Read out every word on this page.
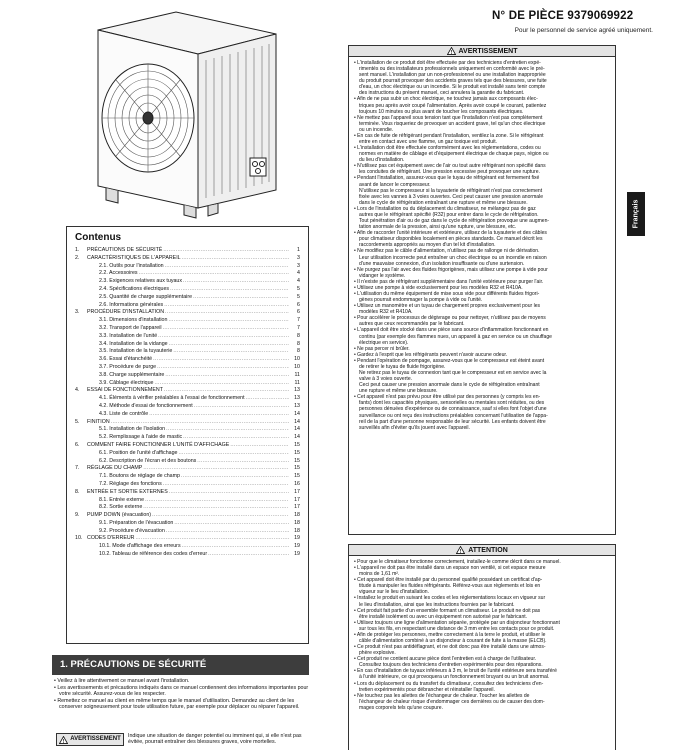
N° DE PIÈCE 9379069922
Pour le personnel de service agréé uniquement.
Français
Contenus
1.	PRÉCAUTIONS DE SÉCURITÉ .....	1
2.	CARACTÉRISTIQUES DE L'APPAREIL .....	3
2.1. Outils pour l'installation .....	3
2.2. Accessoires .....	4
2.3. Exigences relatives aux tuyaux .....	4
2.4. Spécifications électriques .....	5
2.5. Quantité de charge supplémentaire .....	5
2.6. Informations générales .....	6
3.	PROCÉDURE D'INSTALLATION .....	6
3.1. Dimensions d'installation .....	7
3.2. Transport de l'appareil .....	7
3.3. Installation de l'unité .....	8
3.4. Installation de la vidange .....	8
3.5. Installation de la tuyauterie .....	8
3.6. Essai d'étanchéité .....	10
3.7. Procédure de purge .....	10
3.8. Charge supplémentaire .....	11
3.9. Câblage électrique .....	11
4.	ESSAI DE FONCTIONNEMENT .....	13
4.1. Éléments à vérifier préalables à l'essai de fonctionnement .....	13
4.2. Méthode d'essai de fonctionnement .....	13
4.3. Liste de contrôle .....	14
5.	FINITION .....	14
5.1. Installation de l'isolation .....	14
5.2. Remplissage à l'aide de mastic .....	14
6.	COMMENT FAIRE FONCTIONNER L'UNITÉ D'AFFICHAGE .....	15
6.1. Position de l'unité d'affichage .....	15
6.2. Description de l'écran et des boutons .....	15
7.	RÉGLAGE DU CHAMP .....	15
7.1. Boutons de réglage de champ .....	15
7.2. Réglage des fonctions .....	16
8.	ENTRÉE ET SORTIE EXTERNES .....	17
8.1. Entrée externe .....	17
8.2. Sortie externe .....	17
9.	PUMP DOWN (évacuation) .....	18
9.1. Préparation de l'évacuation .....	18
9.2. Procédure d'évacuation .....	18
10. CODES D'ERREUR .....	19
10.1. Mode d'affichage des erreurs .....	19
10.2. Tableau de référence des codes d'erreur .....	19
1. PRÉCAUTIONS DE SÉCURITÉ
• Veillez à lire attentivement ce manuel avant l'installation.
• Les avertissements et précautions indiqués dans ce manuel contiennent des informations importantes pour votre sécurité. Assurez-vous de les respecter.
• Remettez ce manuel au client en même temps que le manuel d'utilisation. Demandez au client de les conserver soigneusement pour toute utilisation future, par exemple pour déplacer ou réparer l'appareil.
! AVERTISSEMENT
Indique une situation de danger potentiel ou imminent qui, si elle n'est pas évitée, pourrait entraîner des blessures graves, voire mortelles.
! AVERTISSEMENT
• L'installation de ce produit doit être effectuée par des techniciens d'entretien expé-
rimentés ou des installateurs professionnels uniquement en conformité avec le pré-
sent manuel. L'installation par un non-professionnel ou une installation inappropriée
du produit pourrait provoquer des accidents graves tels que des blessures, une fuite
d'eau, un choc électrique ou un incendie. Si le produit est installé sans tenir compte
des instructions du présent manuel, ceci annulera la garantie du fabricant.
• Afin de ne pas subir un choc électrique, ne touchez jamais aux composants élec-
triques peu après avoir coupé l'alimentation. Après avoir coupé le courant, patientez
toujours 10 minutes ou plus avant de toucher les composants électriques.
• Ne mettez pas l'appareil sous tension tant que l'installation n'est pas complètement
terminée. Vous risqueriez de provoquer un accident grave, tel qu'un choc électrique
ou un incendie.
• En cas de fuite de réfrigérant pendant l'installation, ventilez la zone. Si le réfrigérant
entre en contact avec une flamme, un gaz toxique est produit.
• L'installation doit être effectuée conformément avec les réglementations, codes ou
normes en matière de câblage et d'équipement électrique de chaque pays, région ou
du lieu d'installation.
• N'utilisez pas cet équipement avec de l'air ou tout autre réfrigérant non spécifié dans
les conduites de réfrigérant. Une pression excessive peut provoquer une rupture.
• Pendant l'installation, assurez-vous que le tuyau de réfrigérant est fermement fixé
avant de lancer le compresseur.
N'utilisez pas le compresseur si la tuyauterie de réfrigérant n'est pas correctement
fixée avec les vannes à 3 voies ouvertes. Ceci peut causer une pression anormale
dans le cycle de réfrigération entraînant une rupture et même une blessure.
• Lors de l'installation ou du déplacement du climatiseur, ne mélangez pas de gaz
autres que le réfrigérant spécifié (R32) pour entrer dans le cycle de réfrigération.
Tout pénétration d'air ou de gaz dans le cycle de réfrigération provoque une augmen-
tation anormale de la pression, ainsi qu'une rupture, une blessure, etc.
• Afin de raccorder l'unité intérieure et extérieure, utilisez de la tuyauterie et des câbles
pour climatiseur disponibles localement en pièces standards. Ce manuel décrit les
raccordements appropriés au moyen d'un tel kit d'installation.
• Ne modifiez pas le câble d'alimentation, n'utilisez pas de rallonge ni de dérivation.
Leur utilisation incorrecte peut entraîner un choc électrique ou un incendie en raison
d'une mauvaise connexion, d'un isolation insuffisante ou d'une surtension.
• Ne purgez pas l'air avec des fluides frigorigènes, mais utilisez une pompe à vide pour
vidanger le système.
• Il n'existe pas de réfrigérant supplémentaire dans l'unité extérieure pour purger l'air.
• Utilisez une pompe à vide exclusivement pour les modèles R32 et R410A.
• L'utilisation du même équipement de mise sous vide pour différents fluides frigori-
gènes pourrait endommager la pompe à vide ou l'unité.
• Utilisez un manomètre et un tuyau de chargement propres exclusivement pour les
modèles R32 et R410A.
• Pour accélérer le processus de dégivrage ou pour nettoyer, n'utilisez pas de moyens
autres que ceux recommandés par le fabricant.
• L'appareil doit être stocké dans une pièce sans source d'inflammation fonctionnant en
continu (par exemple des flammes nues, un appareil à gaz en service ou un chauffage
électrique en service).
• Ne pas percer ni brûler.
• Gardez à l'esprit que les réfrigérants peuvent n'avoir aucune odeur.
• Pendant l'opération de pompage, assurez-vous que le compresseur est éteint avant
de retirer le tuyau de fluide frigorigène.
Ne retirez pas le tuyau de connexion tant que le compresseur est en service avec la
valve à 3 voies ouverte.
Ceci peut causer une pression anormale dans le cycle de réfrigération entraînant
une rupture et même une blessure.
• Cet appareil n'est pas prévu pour être utilisé par des personnes (y compris les en-
fants) dont les capacités physiques, sensorielles ou mentales sont réduites, ou des
personnes dénuées d'expérience ou de connaissance, sauf si elles font l'objet d'une
surveillance ou ont reçu des instructions préalables concernant l'utilisation de l'appa-
reil de la part d'une personne responsable de leur sécurité. Les enfants doivent être
surveillés afin d'éviter qu'ils jouent avec l'appareil.
! ATTENTION
• Pour que le climatiseur fonctionne correctement, installez-le comme décrit dans ce manuel.
• L'appareil ne doit pas être installé dans un espace non ventilé, si cet espace mesure
moins de 1,61 m².
• Cet appareil doit être installé par du personnel qualifié possédant un certificat d'ap-
titude à manipuler les fluides réfrigérants. Référez-vous aux règlements et lois en
vigueur sur le lieu d'installation.
• Installez le produit en suivant les codes et les réglementations locaux en vigueur sur
le lieu d'installation, ainsi que les instructions fournies par le fabricant.
• Cet produit fait partie d'un ensemble formant un climatiseur. Le produit ne doit pas
être installé isolément ou avec un équipement non autorisé par le fabricant.
• Utilisez toujours une ligne d'alimentation séparée, protégée par un disjoncteur fonctionnant
sur tous les fils, en respectant une distance de 3 mm entre les contacts pour ce produit.
• Afin de protéger les personnes, mettre correctement à la terre le produit, et utiliser le
câble d'alimentation combiné à un disjoncteur à courant de fuite à la masse (ELCB).
• Ce produit n'est pas antidéflagrant, et ne doit donc pas être installé dans une atmos-
phère explosive.
• Cet produit ne contient aucune pièce dont l'entretien est à charge de l'utilisateur.
Consultez toujours des techniciens d'entretien expérimentés pour des réparations.
• En cas d'installation de tuyaux inférieurs à 3 m, le bruit de l'unité extérieure sera transféré
à l'unité intérieure, ce qui provoquera un fonctionnement bruyant ou un bruit anormal.
• Lors du déplacement ou du transfert du climatiseur, consultez des techniciens d'en-
tretien expérimentés pour débrancher et réinstaller l'appareil.
• Ne touchez pas les ailettes de l'échangeur de chaleur. Toucher les ailettes de
l'échangeur de chaleur risque d'endommager ces dernières ou de causer des dom-
mages corporels tels qu'une coupure.
